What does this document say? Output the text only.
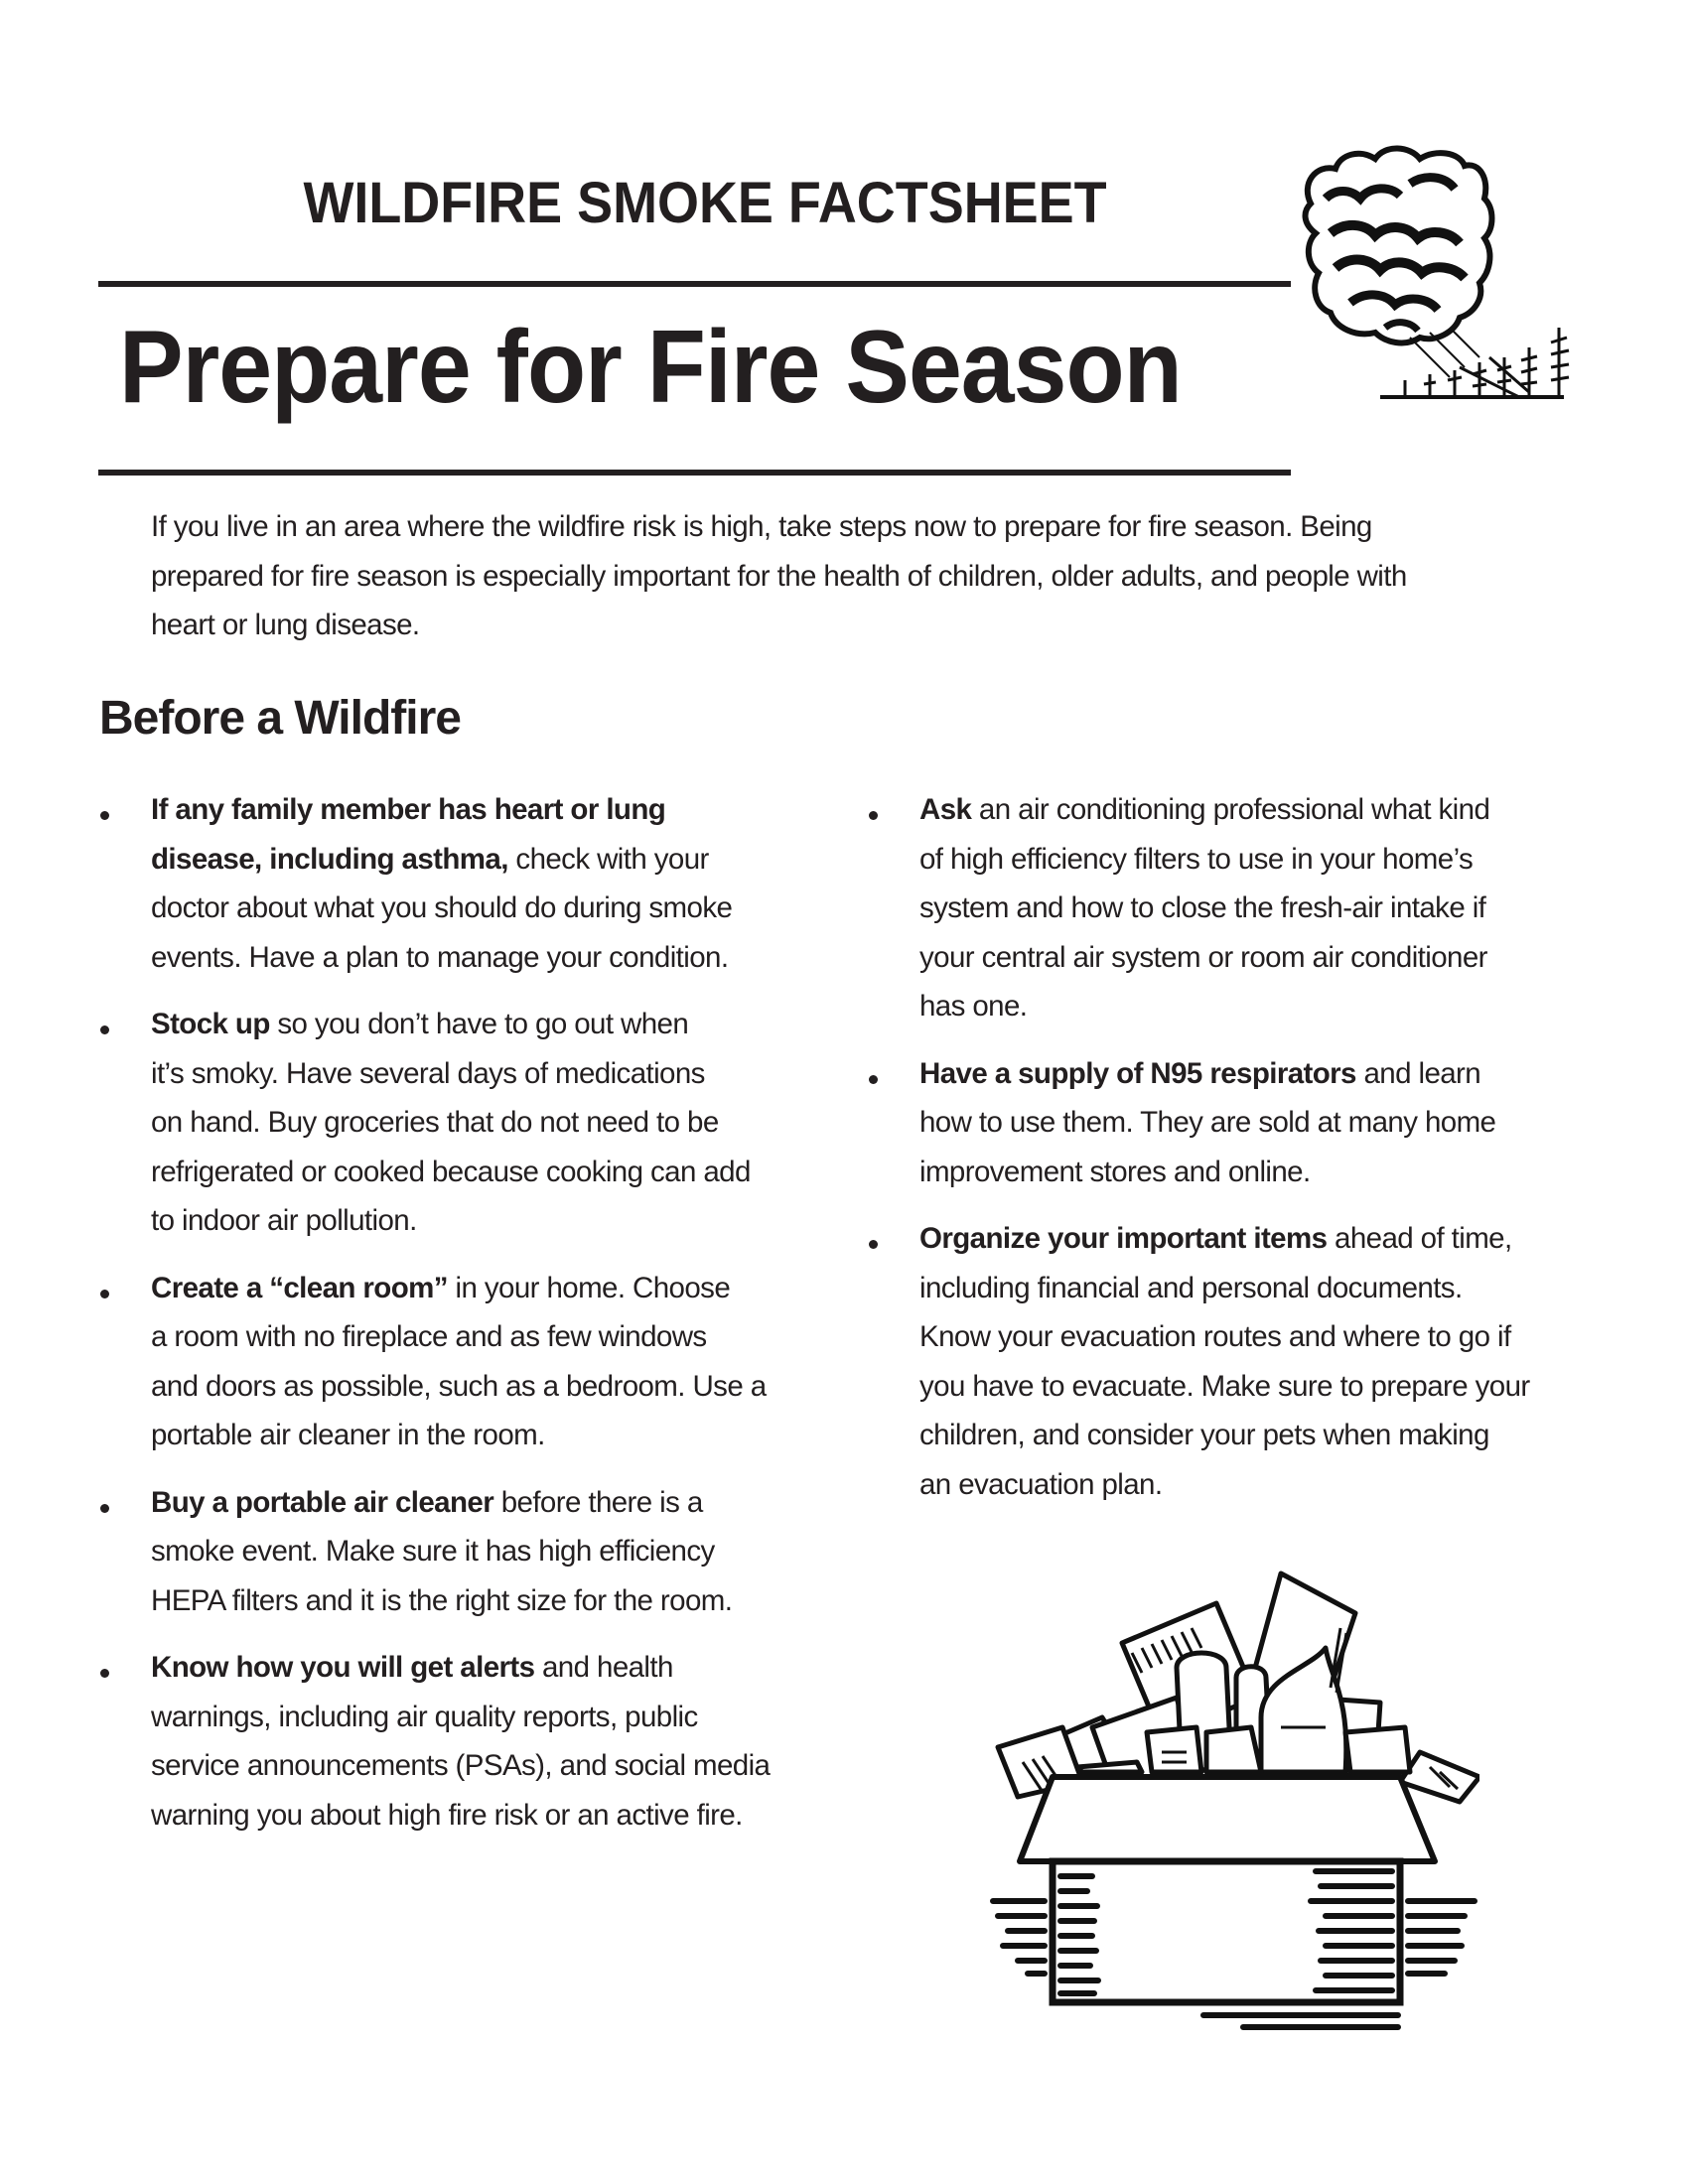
WILDFIRE SMOKE FACTSHEET
Prepare for Fire Season
If you live in an area where the wildfire risk is high, take steps now to prepare for fire season. Being
prepared for fire season is especially important for the health of children, older adults, and people with
heart or lung disease.
Before a Wildfire
If any family member has heart or lung
disease, including asthma, check with your
doctor about what you should do during smoke
events. Have a plan to manage your condition.
Stock up so you don’t have to go out when
it’s smoky. Have several days of medications
on hand. Buy groceries that do not need to be
refrigerated or cooked because cooking can add
to indoor air pollution.
Create a “clean room” in your home. Choose
a room with no fireplace and as few windows
and doors as possible, such as a bedroom. Use a
portable air cleaner in the room.
Buy a portable air cleaner before there is a
smoke event. Make sure it has high efficiency
HEPA filters and it is the right size for the room.
Know how you will get alerts and health
warnings, including air quality reports, public
service announcements (PSAs), and social media
warning you about high fire risk or an active fire.
Ask an air conditioning professional what kind
of high efficiency filters to use in your home’s
system and how to close the fresh-air intake if
your central air system or room air conditioner
has one.
Have a supply of N95 respirators and learn
how to use them. They are sold at many home
improvement stores and online.
Organize your important items ahead of time,
including financial and personal documents.
Know your evacuation routes and where to go if
you have to evacuate. Make sure to prepare your
children, and consider your pets when making
an evacuation plan.
